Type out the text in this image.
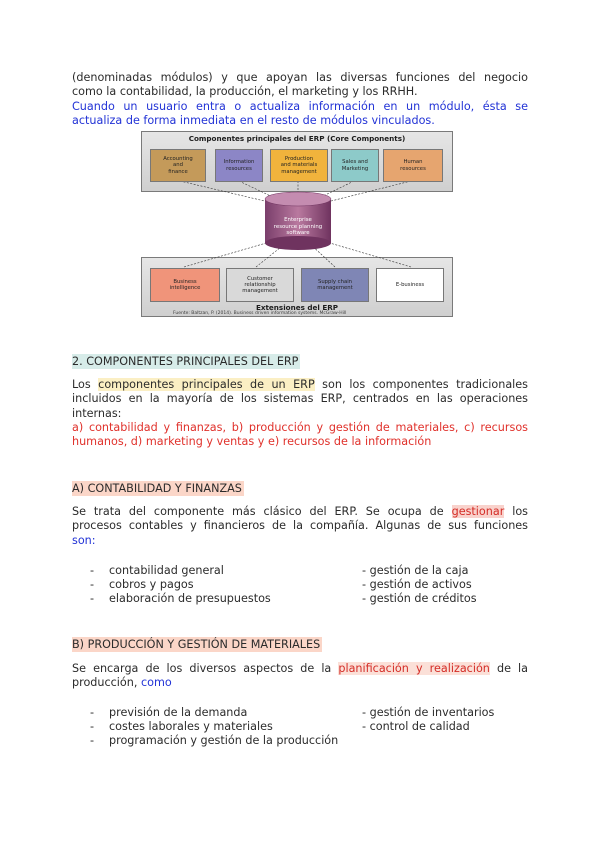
(denominadas módulos) y que apoyan las diversas funciones del negocio

como la contabilidad, la producción, el marketing y los RRHH.

Cuando un usuario entra o actualiza información en un módulo, ésta se

actualiza de forma inmediata en el resto de módulos vinculados.

Componentes principales del ERP (Core Components)
Accounting
and
finance
Information
resources
Production
and materials
management
Sales and
Marketing
Human
resources
Enterprise
resource planning
software
Business
intelligence
Customer
relationship
management
Supply chain
management
E-business
Extensiones del ERP
Fuente: Baltzan, P. (2014). Business driven information systems. McGraw-Hill
2. COMPONENTES PRINCIPALES DEL ERP

Los componentes principales de un ERP son los componentes tradicionales

incluidos en la mayoría de los sistemas ERP, centrados en las operaciones

internas:

a) contabilidad y finanzas, b) producción y gestión de materiales, c) recursos

humanos, d) marketing y ventas y e) recursos de la información

A) CONTABILIDAD Y FINANZAS

Se trata del componente más clásico del ERP. Se ocupa de gestionar los

procesos contables y financieros de la compañía. Algunas de sus funciones

son:

- contabilidad general
- cobros y pagos
- elaboración de presupuestos
- gestión de la caja
- gestión de activos
- gestión de créditos
B) PRODUCCIÓN Y GESTIÓN DE MATERIALES

Se encarga de los diversos aspectos de la planificación y realización de la

producción, como

- previsión de la demanda
- costes laborales y materiales
- programación y gestión de la producción
- gestión de inventarios
- control de calidad
